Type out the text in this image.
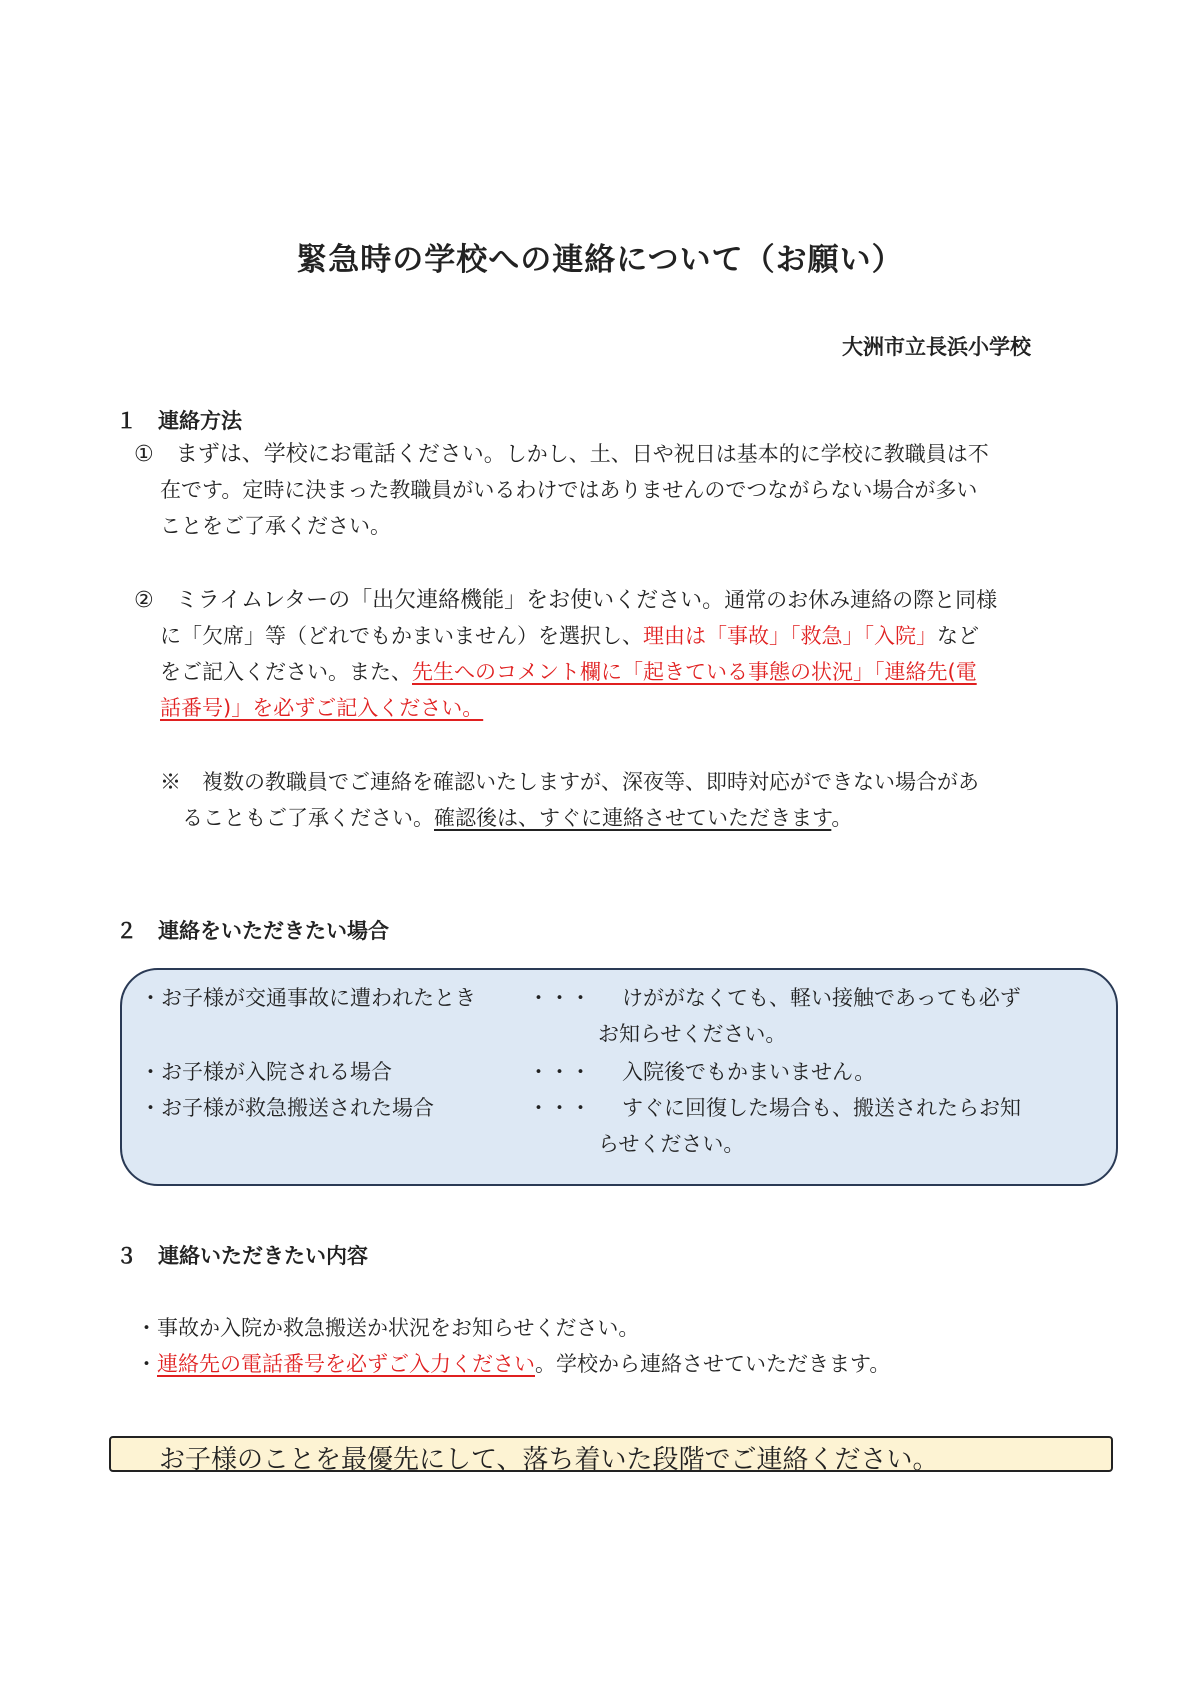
緊急時の学校への連絡について（お願い）
大洲市立長浜小学校
１　連絡方法
①　まずは、学校にお電話ください。しかし、土、日や祝日は基本的に学校に教職員は不
在です。定時に決まった教職員がいるわけではありませんのでつながらない場合が多い
ことをご了承ください。
②　ミライムレターの「出欠連絡機能」をお使いください。通常のお休み連絡の際と同様
に「欠席」等（どれでもかまいません）を選択し、理由は「事故」「救急」「入院」など
をご記入ください。また、先生へのコメント欄に「起きている事態の状況」「連絡先(電
話番号)」を必ずご記入ください。
※　複数の教職員でご連絡を確認いたしますが、深夜等、即時対応ができない場合があ
ることもご了承ください。確認後は、すぐに連絡させていただきます。
２　連絡をいただきたい場合
・お子様が交通事故に遭われたとき ・・・ けががなくても、軽い接触であっても必ず
お知らせください。
・お子様が入院される場合	・・・ 入院後でもかまいません。
・お子様が救急搬送された場合	・・・ すぐに回復した場合も、搬送されたらお知
らせください。
３　連絡いただきたい内容
・事故か入院か救急搬送か状況をお知らせください。
・連絡先の電話番号を必ずご入力ください。学校から連絡させていただきます。
お子様のことを最優先にして、落ち着いた段階でご連絡ください。
